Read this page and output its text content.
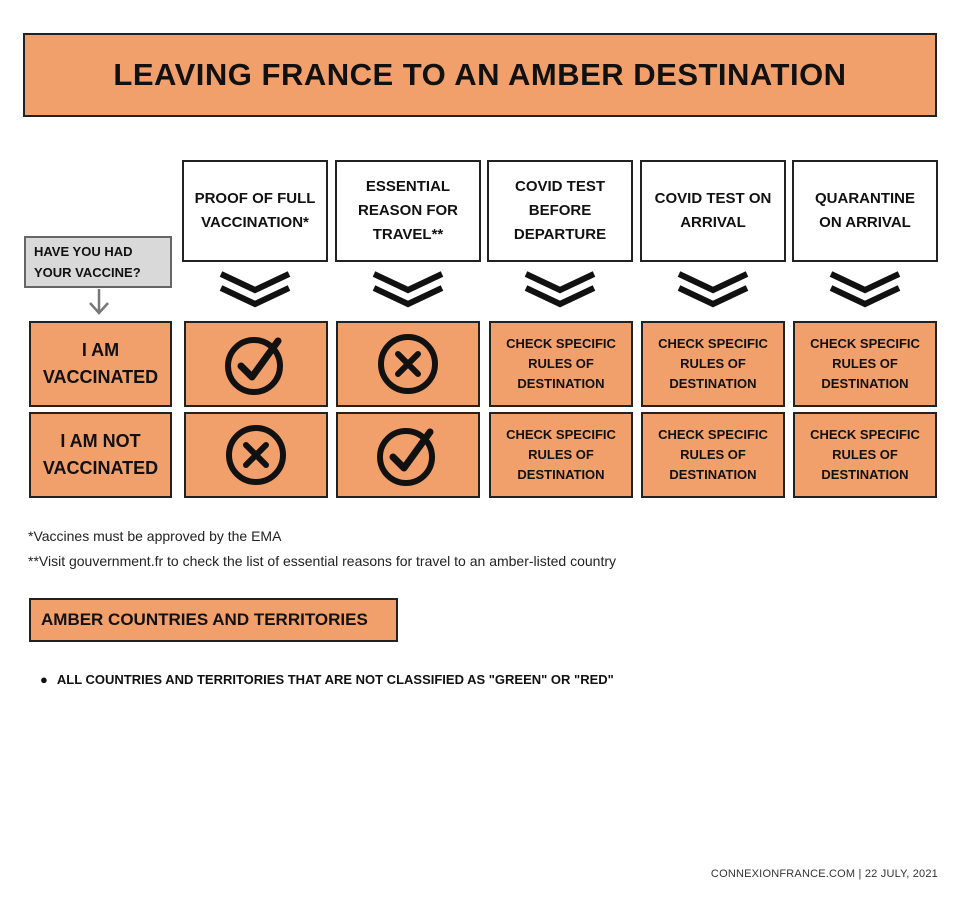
LEAVING FRANCE TO AN AMBER DESTINATION
PROOF OF FULL
VACCINATION*
ESSENTIAL
REASON FOR
TRAVEL**
COVID TEST
BEFORE
DEPARTURE
COVID TEST ON
ARRIVAL
QUARANTINE
ON ARRIVAL
HAVE YOU HAD
YOUR VACCINE?
I AM
VACCINATED
CHECK SPECIFIC
RULES OF
DESTINATION
CHECK SPECIFIC
RULES OF
DESTINATION
CHECK SPECIFIC
RULES OF
DESTINATION
I AM NOT
VACCINATED
CHECK SPECIFIC
RULES OF
DESTINATION
CHECK SPECIFIC
RULES OF
DESTINATION
CHECK SPECIFIC
RULES OF
DESTINATION
*Vaccines must be approved by the EMA
**Visit gouvernment.fr to check the list of essential reasons for travel to an amber-listed country
AMBER COUNTRIES AND TERRITORIES
● ALL COUNTRIES AND TERRITORIES THAT ARE NOT CLASSIFIED AS "GREEN" OR "RED"
CONNEXIONFRANCE.COM | 22 JULY, 2021
